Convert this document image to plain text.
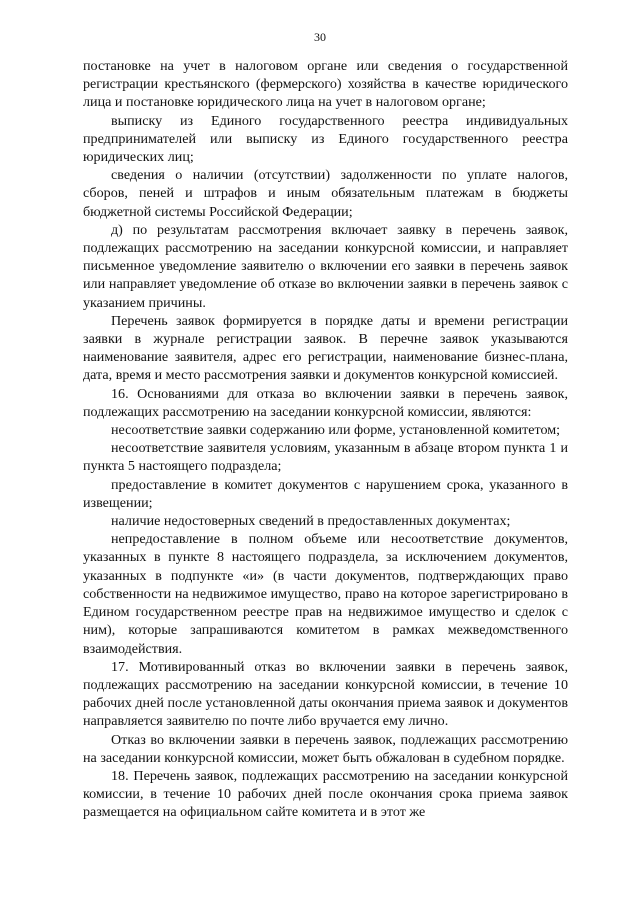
30

постановке на учет в налоговом органе или сведения о государственной регистрации крестьянского (фермерского) хозяйства в качестве юридического лица и постановке юридического лица на учет в налоговом органе;

выписку из Единого государственного реестра индивидуальных предпринимателей или выписку из Единого государственного реестра юридических лиц;

сведения о наличии (отсутствии) задолженности по уплате налогов, сборов, пеней и штрафов и иным обязательным платежам в бюджеты бюджетной системы Российской Федерации;

д) по результатам рассмотрения включает заявку в перечень заявок, подлежащих рассмотрению на заседании конкурсной комиссии, и направляет письменное уведомление заявителю о включении его заявки в перечень заявок или направляет уведомление об отказе во включении заявки в перечень заявок с указанием причины.

Перечень заявок формируется в порядке даты и времени регистрации заявки в журнале регистрации заявок. В перечне заявок указываются наименование заявителя, адрес его регистрации, наименование бизнес-плана, дата, время и место рассмотрения заявки и документов конкурсной комиссией.

16. Основаниями для отказа во включении заявки в перечень заявок, подлежащих рассмотрению на заседании конкурсной комиссии, являются:

несоответствие заявки содержанию или форме, установленной комитетом;

несоответствие заявителя условиям, указанным в абзаце втором пункта 1 и пункта 5 настоящего подраздела;

предоставление в комитет документов с нарушением срока, указанного в извещении;

наличие недостоверных сведений в предоставленных документах;

непредоставление в полном объеме или несоответствие документов, указанных в пункте 8 настоящего подраздела, за исключением документов, указанных в подпункте «и» (в части документов, подтверждающих право собственности на недвижимое имущество, право на которое зарегистрировано в Едином государственном реестре прав на недвижимое имущество и сделок с ним), которые запрашиваются комитетом в рамках межведомственного взаимодействия.

17. Мотивированный отказ во включении заявки в перечень заявок, подлежащих рассмотрению на заседании конкурсной комиссии, в течение 10 рабочих дней после установленной даты окончания приема заявок и документов направляется заявителю по почте либо вручается ему лично.

Отказ во включении заявки в перечень заявок, подлежащих рассмотрению на заседании конкурсной комиссии, может быть обжалован в судебном порядке.

18. Перечень заявок, подлежащих рассмотрению на заседании конкурсной комиссии, в течение 10 рабочих дней после окончания срока приема заявок размещается на официальном сайте комитета и в этот же
